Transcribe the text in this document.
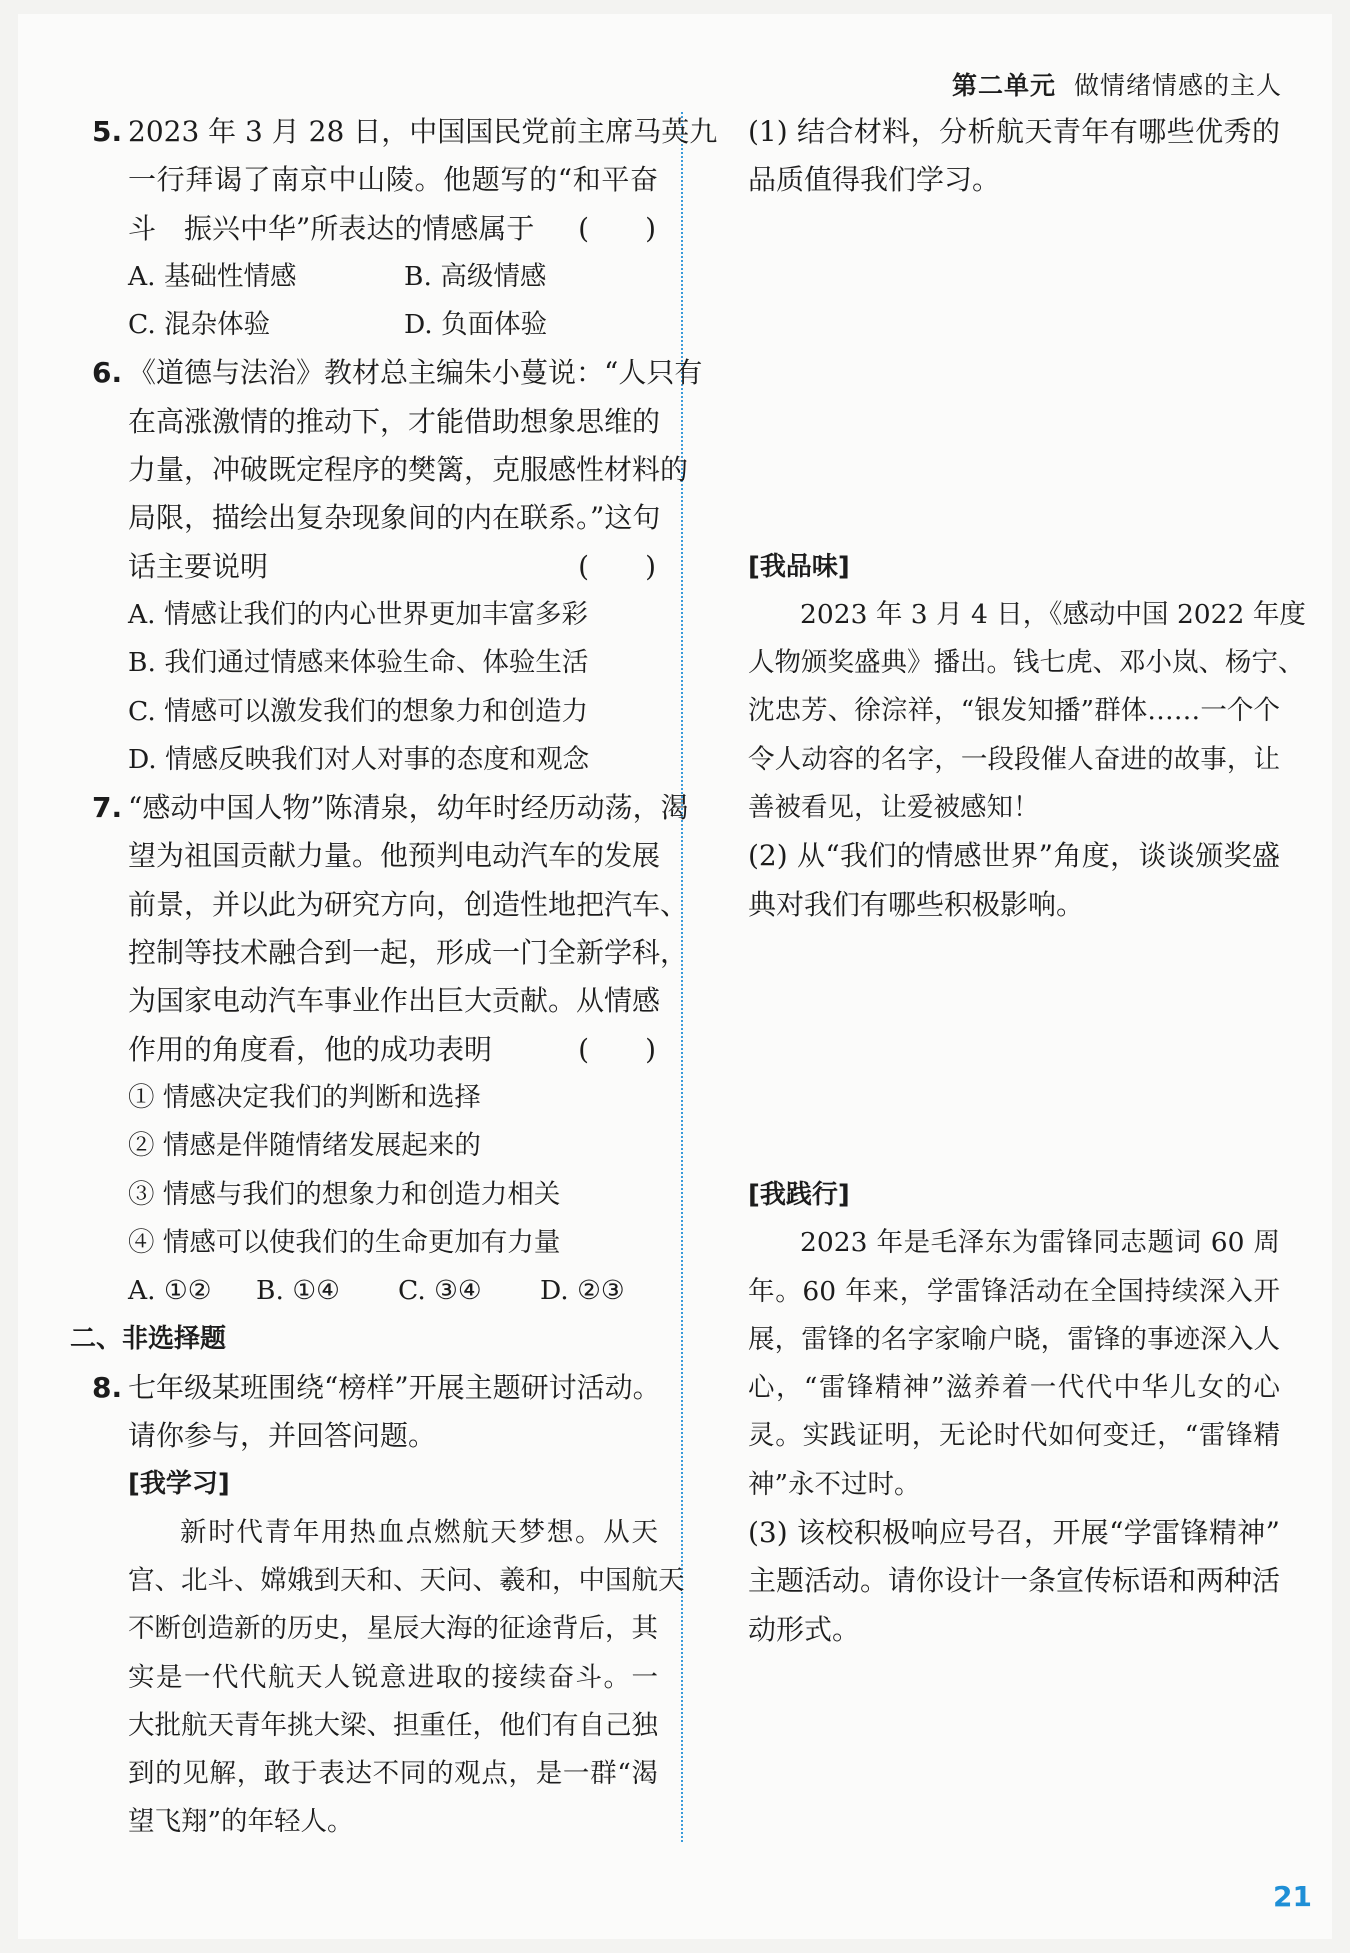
第二单元 做情绪情感的主人
5. 2023 年 3 月 28 日，中国国民党前主席马英九
一行拜谒了南京中山陵。他题写的“和平奋
斗　振兴中华”所表达的情感属于 (　　)
A. 基础性情感	B. 高级情感
C. 混杂体验	D. 负面体验
6. 《道德与法治》教材总主编朱小蔓说：“人只有
在高涨激情的推动下，才能借助想象思维的
力量，冲破既定程序的樊篱，克服感性材料的
局限，描绘出复杂现象间的内在联系。”这句
话主要说明	(　　)
A. 情感让我们的内心世界更加丰富多彩
B. 我们通过情感来体验生命、体验生活
C. 情感可以激发我们的想象力和创造力
D. 情感反映我们对人对事的态度和观念
7. “感动中国人物”陈清泉，幼年时经历动荡，渴
望为祖国贡献力量。他预判电动汽车的发展
前景，并以此为研究方向，创造性地把汽车、
控制等技术融合到一起，形成一门全新学科，
为国家电动汽车事业作出巨大贡献。从情感
作用的角度看，他的成功表明	(　　)
① 情感决定我们的判断和选择
② 情感是伴随情绪发展起来的
③ 情感与我们的想象力和创造力相关
④ 情感可以使我们的生命更加有力量
A. ①②	B. ①④	C. ③④	D. ②③
二、非选择题
8. 七年级某班围绕“榜样”开展主题研讨活动。
请你参与，并回答问题。
[我学习]
新时代青年用热血点燃航天梦想。从天
宫、北斗、嫦娥到天和、天问、羲和，中国航天
不断创造新的历史，星辰大海的征途背后，其
实是一代代航天人锐意进取的接续奋斗。一
大批航天青年挑大梁、担重任，他们有自己独
到的见解，敢于表达不同的观点，是一群“渴
望飞翔”的年轻人。
(1) 结合材料，分析航天青年有哪些优秀的
品质值得我们学习。
[我品味]
2023 年 3 月 4 日，《感动中国 2022 年度
人物颁奖盛典》播出。钱七虎、邓小岚、杨宁、
沈忠芳、徐淙祥，“银发知播”群体……一个个
令人动容的名字，一段段催人奋进的故事，让
善被看见，让爱被感知！
(2) 从“我们的情感世界”角度，谈谈颁奖盛
典对我们有哪些积极影响。
[我践行]
2023 年是毛泽东为雷锋同志题词 60 周
年。60 年来，学雷锋活动在全国持续深入开
展，雷锋的名字家喻户晓，雷锋的事迹深入人
心，“雷锋精神”滋养着一代代中华儿女的心
灵。实践证明，无论时代如何变迁，“雷锋精
神”永不过时。
(3) 该校积极响应号召，开展“学雷锋精神”
主题活动。请你设计一条宣传标语和两种活
动形式。
21
